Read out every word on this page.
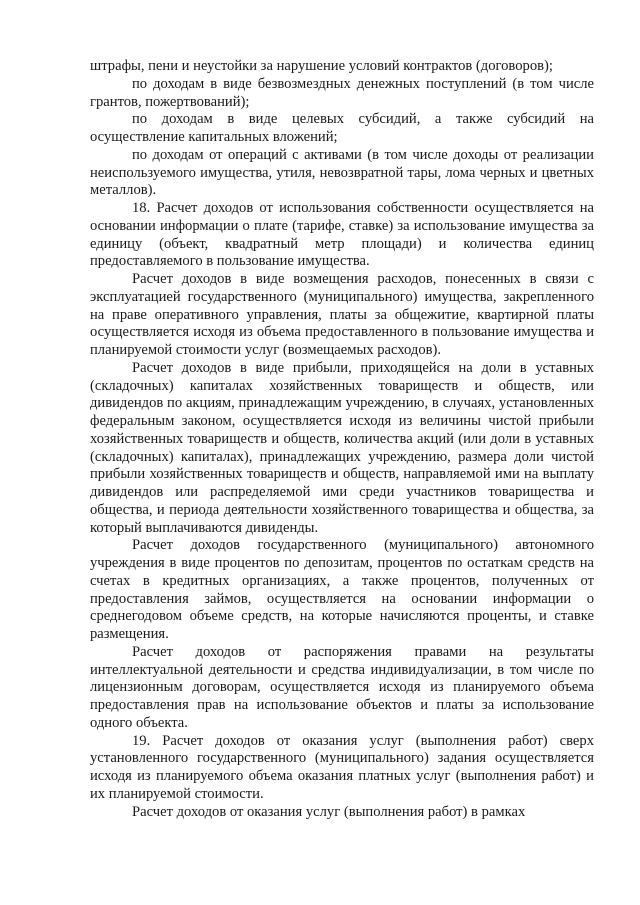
штрафы, пени и неустойки за нарушение условий контрактов (договоров);

по доходам в виде безвозмездных денежных поступлений (в том числе грантов, пожертвований);

по доходам в виде целевых субсидий, а также субсидий на осуществление капитальных вложений;

по доходам от операций с активами (в том числе доходы от реализации неиспользуемого имущества, утиля, невозвратной тары, лома черных и цветных металлов).

18. Расчет доходов от использования собственности осуществляется на основании информации о плате (тарифе, ставке) за использование имущества за единицу (объект, квадратный метр площади) и количества единиц предоставляемого в пользование имущества.

Расчет доходов в виде возмещения расходов, понесенных в связи с эксплуатацией государственного (муниципального) имущества, закрепленного на праве оперативного управления, платы за общежитие, квартирной платы осуществляется исходя из объема предоставленного в пользование имущества и планируемой стоимости услуг (возмещаемых расходов).

Расчет доходов в виде прибыли, приходящейся на доли в уставных (складочных) капиталах хозяйственных товариществ и обществ, или дивидендов по акциям, принадлежащим учреждению, в случаях, установленных федеральным законом, осуществляется исходя из величины чистой прибыли хозяйственных товариществ и обществ, количества акций (или доли в уставных (складочных) капиталах), принадлежащих учреждению, размера доли чистой прибыли хозяйственных товариществ и обществ, направляемой ими на выплату дивидендов или распределяемой ими среди участников товарищества и общества, и периода деятельности хозяйственного товарищества и общества, за который выплачиваются дивиденды.

Расчет доходов государственного (муниципального) автономного учреждения в виде процентов по депозитам, процентов по остаткам средств на счетах в кредитных организациях, а также процентов, полученных от предоставления займов, осуществляется на основании информации о среднегодовом объеме средств, на которые начисляются проценты, и ставке размещения.

Расчет доходов от распоряжения правами на результаты интеллектуальной деятельности и средства индивидуализации, в том числе по лицензионным договорам, осуществляется исходя из планируемого объема предоставления прав на использование объектов и платы за использование одного объекта.

19. Расчет доходов от оказания услуг (выполнения работ) сверх установленного государственного (муниципального) задания осуществляется исходя из планируемого объема оказания платных услуг (выполнения работ) и их планируемой стоимости.

Расчет доходов от оказания услуг (выполнения работ) в рамках
